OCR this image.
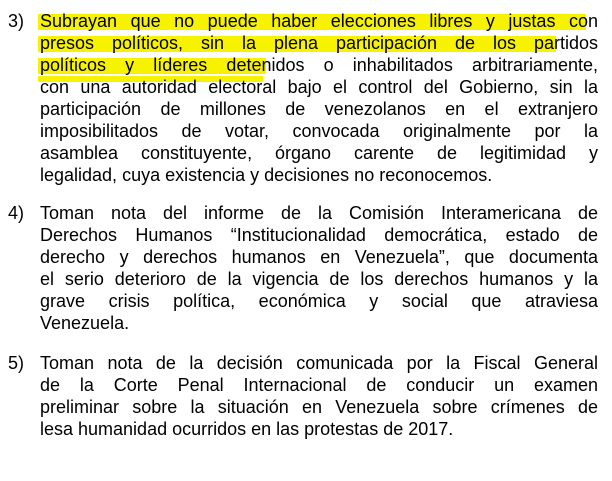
3) Subrayan que no puede haber elecciones libres y justas con
presos políticos, sin la plena participación de los partidos
políticos y líderes detenidos o inhabilitados arbitrariamente,
con una autoridad electoral bajo el control del Gobierno, sin la
participación de millones de venezolanos en el extranjero
imposibilitados de votar, convocada originalmente por la
asamblea constituyente, órgano carente de legitimidad y
legalidad, cuya existencia y decisiones no reconocemos.
4) Toman nota del informe de la Comisión Interamericana de
Derechos Humanos “Institucionalidad democrática, estado de
derecho y derechos humanos en Venezuela”, que documenta
el serio deterioro de la vigencia de los derechos humanos y la
grave crisis política, económica y social que atraviesa
Venezuela.
5) Toman nota de la decisión comunicada por la Fiscal General
de la Corte Penal Internacional de conducir un examen
preliminar sobre la situación en Venezuela sobre crímenes de
lesa humanidad ocurridos en las protestas de 2017.
